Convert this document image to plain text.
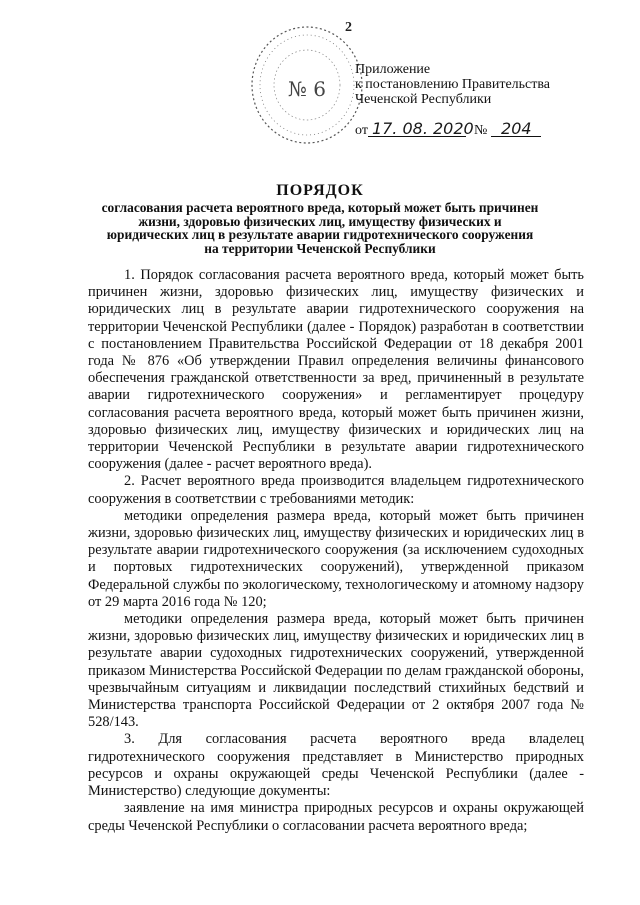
2
№ 6
Приложение
к постановлению Правительства
Чеченской Республики
от 17. 08. 2020 № 204
ПОРЯДОК
согласования расчета вероятного вреда, который может быть причинен
жизни, здоровью физических лиц, имуществу физических и
юридических лиц в результате аварии гидротехнического сооружения
на территории Чеченской Республики

1. Порядок согласования расчета вероятного вреда, который может быть причинен жизни, здоровью физических лиц, имуществу физических и юридических лиц в результате аварии гидротехнического сооружения на территории Чеченской Республики (далее - Порядок) разработан в соответствии с постановлением Правительства Российской Федерации от 18 декабря 2001 года № 876 «Об утверждении Правил определения величины финансового обеспечения гражданской ответственности за вред, причиненный в результате аварии гидротехнического сооружения» и регламентирует процедуру согласования расчета вероятного вреда, который может быть причинен жизни, здоровью физических лиц, имуществу физических и юридических лиц на территории Чеченской Республики в результате аварии гидротехнического сооружения (далее - расчет вероятного вреда).

2. Расчет вероятного вреда производится владельцем гидротехнического сооружения в соответствии с требованиями методик:

методики определения размера вреда, который может быть причинен жизни, здоровью физических лиц, имуществу физических и юридических лиц в результате аварии гидротехнического сооружения (за исключением судоходных и портовых гидротехнических сооружений), утвержденной приказом Федеральной службы по экологическому, технологическому и атомному надзору от 29 марта 2016 года № 120;

методики определения размера вреда, который может быть причинен жизни, здоровью физических лиц, имуществу физических и юридических лиц в результате аварии судоходных гидротехнических сооружений, утвержденной приказом Министерства Российской Федерации по делам гражданской обороны, чрезвычайным ситуациям и ликвидации последствий стихийных бедствий и Министерства транспорта Российской Федерации от 2 октября 2007 года № 528/143.

3. Для согласования расчета вероятного вреда владелец гидротехнического сооружения представляет в Министерство природных ресурсов и охраны окружающей среды Чеченской Республики (далее - Министерство) следующие документы:

заявление на имя министра природных ресурсов и охраны окружающей среды Чеченской Республики о согласовании расчета вероятного вреда;
